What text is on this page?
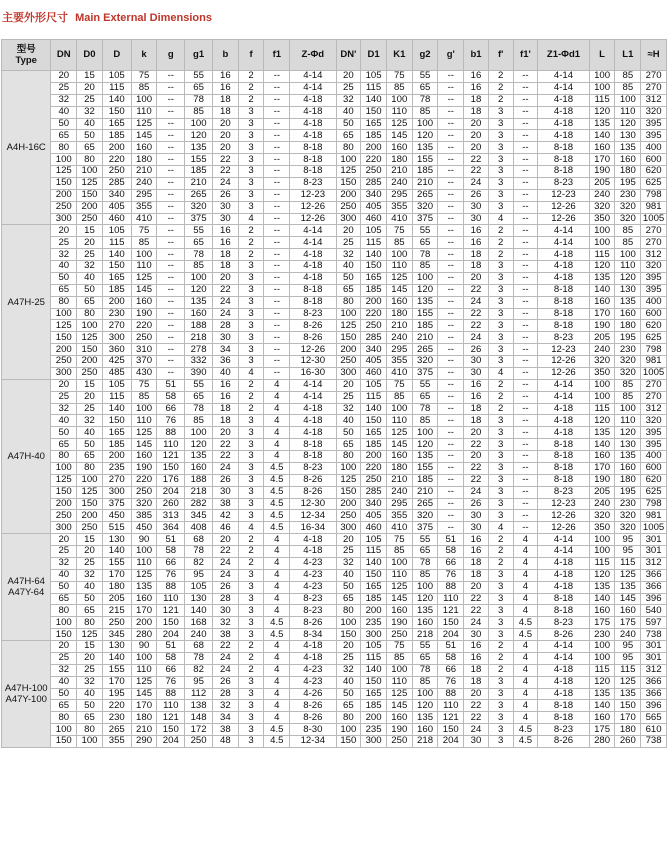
主要外形尺寸 Main External Dimensions
型号
Type	DN	D0	D	k	g	g1	b	f	f1	Z-Φd	DN'	D1	K1	g2	g'	b1	f'	f1'	Z1-Φd1	L	L1	≈H

A4H-16C	20	15	105	75	--	55	16	2	--	4-14	20	105	75	55	--	16	2	--	4-14	100	85	270
	25	20	115	85	--	65	16	2	--	4-14	25	115	85	65	--	16	2	--	4-14	100	85	270
	32	25	140	100	--	78	18	2	--	4-18	32	140	100	78	--	18	2	--	4-18	115	100	312
	40	32	150	110	--	85	18	3	--	4-18	40	150	110	85	--	18	3	--	4-18	120	110	320
	50	40	165	125	--	100	20	3	--	4-18	50	165	125	100	--	20	3	--	4-18	135	120	395
	65	50	185	145	--	120	20	3	--	4-18	65	185	145	120	--	20	3	--	4-18	140	130	395
	80	65	200	160	--	135	20	3	--	8-18	80	200	160	135	--	20	3	--	8-18	160	135	400
	100	80	220	180	--	155	22	3	--	8-18	100	220	180	155	--	22	3	--	8-18	170	160	600
	125	100	250	210	--	185	22	3	--	8-18	125	250	210	185	--	22	3	--	8-18	190	180	620
	150	125	285	240	--	210	24	3	--	8-23	150	285	240	210	--	24	3	--	8-23	205	195	625
	200	150	340	295	--	265	26	3	--	12-23	200	340	295	265	--	26	3	--	12-23	240	230	798
	250	200	405	355	--	320	30	3	--	12-26	250	405	355	320	--	30	3	--	12-26	320	320	981
	300	250	460	410	--	375	30	4	--	12-26	300	460	410	375	--	30	4	--	12-26	350	320	1005

A47H-25	20	15	105	75	--	55	16	2	--	4-14	20	105	75	55	--	16	2	--	4-14	100	85	270
	25	20	115	85	--	65	16	2	--	4-14	25	115	85	65	--	16	2	--	4-14	100	85	270
	32	25	140	100	--	78	18	2	--	4-18	32	140	100	78	--	18	2	--	4-18	115	100	312
	40	32	150	110	--	85	18	3	--	4-18	40	150	110	85	--	18	3	--	4-18	120	110	320
	50	40	165	125	--	100	20	3	--	4-18	50	165	125	100	--	20	3	--	4-18	135	120	395
	65	50	185	145	--	120	22	3	--	8-18	65	185	145	120	--	22	3	--	8-18	140	130	395
	80	65	200	160	--	135	24	3	--	8-18	80	200	160	135	--	24	3	--	8-18	160	135	400
	100	80	230	190	--	160	24	3	--	8-23	100	220	180	155	--	22	3	--	8-18	170	160	600
	125	100	270	220	--	188	28	3	--	8-26	125	250	210	185	--	22	3	--	8-18	190	180	620
	150	125	300	250	--	218	30	3	--	8-26	150	285	240	210	--	24	3	--	8-23	205	195	625
	200	150	360	310	--	278	34	3	--	12-26	200	340	295	265	--	26	3	--	12-23	240	230	798
	250	200	425	370	--	332	36	3	--	12-30	250	405	355	320	--	30	3	--	12-26	320	320	981
	300	250	485	430	--	390	40	4	--	16-30	300	460	410	375	--	30	4	--	12-26	350	320	1005

A47H-40	20	15	105	75	51	55	16	2	4	4-14	20	105	75	55	--	16	2	--	4-14	100	85	270
	25	20	115	85	58	65	16	2	4	4-14	25	115	85	65	--	16	2	--	4-14	100	85	270
	32	25	140	100	66	78	18	2	4	4-18	32	140	100	78	--	18	2	--	4-18	115	100	312
	40	32	150	110	76	85	18	3	4	4-18	40	150	110	85	--	18	3	--	4-18	120	110	320
	50	40	165	125	88	100	20	3	4	4-18	50	165	125	100	--	20	3	--	4-18	135	120	395
	65	50	185	145	110	120	22	3	4	8-18	65	185	145	120	--	22	3	--	8-18	140	130	395
	80	65	200	160	121	135	22	3	4	8-18	80	200	160	135	--	20	3	--	8-18	160	135	400
	100	80	235	190	150	160	24	3	4.5	8-23	100	220	180	155	--	22	3	--	8-18	170	160	600
	125	100	270	220	176	188	26	3	4.5	8-26	125	250	210	185	--	22	3	--	8-18	190	180	620
	150	125	300	250	204	218	30	3	4.5	8-26	150	285	240	210	--	24	3	--	8-23	205	195	625
	200	150	375	320	260	282	38	3	4.5	12-30	200	340	295	265	--	26	3	--	12-23	240	230	798
	250	200	450	385	313	345	42	3	4.5	12-34	250	405	355	320	--	30	3	--	12-26	320	320	981
	300	250	515	450	364	408	46	4	4.5	16-34	300	460	410	375	--	30	4	--	12-26	350	320	1005

A47H-64
A47Y-64	20	15	130	90	51	68	20	2	4	4-18	20	105	75	55	51	16	2	4	4-14	100	95	301
	25	20	140	100	58	78	22	2	4	4-18	25	115	85	65	58	16	2	4	4-14	100	95	301
	32	25	155	110	66	82	24	2	4	4-23	32	140	100	78	66	18	2	4	4-18	115	115	312
	40	32	170	125	76	95	24	3	4	4-23	40	150	110	85	76	18	3	4	4-18	120	125	366
	50	40	180	135	88	105	26	3	4	4-23	50	165	125	100	88	20	3	4	4-18	135	135	366
	65	50	205	160	110	130	28	3	4	8-23	65	185	145	120	110	22	3	4	8-18	140	145	396
	80	65	215	170	121	140	30	3	4	8-23	80	200	160	135	121	22	3	4	8-18	160	160	540
	100	80	250	200	150	168	32	3	4.5	8-26	100	235	190	160	150	24	3	4.5	8-23	175	175	597
	150	125	345	280	204	240	38	3	4.5	8-34	150	300	250	218	204	30	3	4.5	8-26	230	240	738

A47H-100
A47Y-100	20	15	130	90	51	68	22	2	4	4-18	20	105	75	55	51	16	2	4	4-14	100	95	301
	25	20	140	100	58	78	24	2	4	4-18	25	115	85	65	58	16	2	4	4-14	100	95	301
	32	25	155	110	66	82	24	2	4	4-23	32	140	100	78	66	18	2	4	4-18	115	115	312
	40	32	170	125	76	95	26	3	4	4-23	40	150	110	85	76	18	3	4	4-18	120	125	366
	50	40	195	145	88	112	28	3	4	4-26	50	165	125	100	88	20	3	4	4-18	135	135	366
	65	50	220	170	110	138	32	3	4	8-26	65	185	145	120	110	22	3	4	8-18	140	150	396
	80	65	230	180	121	148	34	3	4	8-26	80	200	160	135	121	22	3	4	8-18	160	170	565
	100	80	265	210	150	172	38	3	4.5	8-30	100	235	190	160	150	24	3	4.5	8-23	175	180	610
	150	100	355	290	204	250	48	3	4.5	12-34	150	300	250	218	204	30	3	4.5	8-26	280	260	738
